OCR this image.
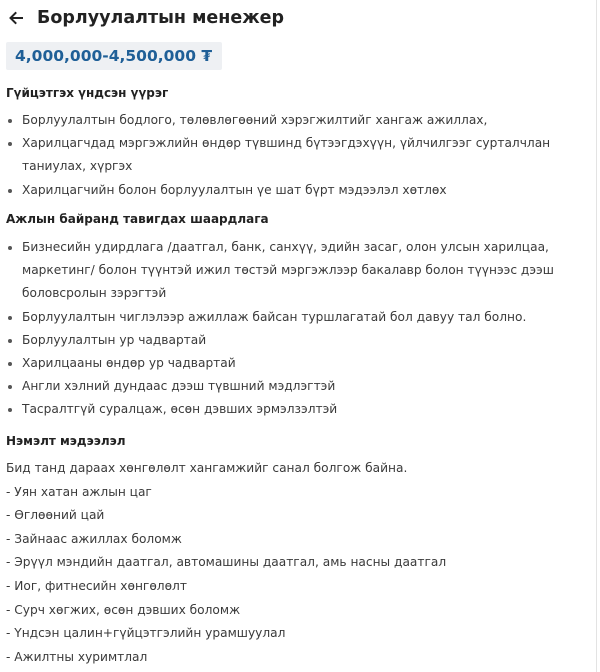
Борлуулалтын менежер
4,000,000-4,500,000 ₮
Гүйцэтгэх үндсэн үүрэг
Борлуулалтын бодлого, төлөвлөгөөний хэрэгжилтийг хангаж ажиллах,
Харилцагчдад мэргэжлийн өндөр түвшинд бүтээгдэхүүн, үйлчилгээг сурталчлан таниулах, хүргэх
Харилцагчийн болон борлуулалтын үе шат бүрт мэдээлэл хөтлөх
Ажлын байранд тавигдах шаардлага
Бизнесийн удирдлага /даатгал, банк, санхүү, эдийн засаг, олон улсын харилцаа, маркетинг/ болон түүнтэй ижил төстэй мэргэжлээр бакалавр болон түүнээс дээш боловсролын зэрэгтэй
Борлуулалтын чиглэлээр ажиллаж байсан туршлагатай бол давуу тал болно.
Борлуулалтын ур чадвартай
Харилцааны өндөр ур чадвартай
Англи хэлний дундаас дээш түвшний мэдлэгтэй
Тасралтгүй суралцаж, өсөн дэвших эрмэлзэлтэй
Нэмэлт мэдээлэл
Бид танд дараах хөнгөлөлт хангамжийг санал болгож байна.
- Уян хатан ажлын цаг
- Өглөөний цай
- Зайнаас ажиллах боломж
- Эрүүл мэндийн даатгал, автомашины даатгал, амь насны даатгал
- Иог, фитнесийн хөнгөлөлт
- Сурч хөгжих, өсөн дэвших боломж
- Үндсэн цалин+гүйцэтгэлийн урамшуулал
- Ажилтны хуримтлал
